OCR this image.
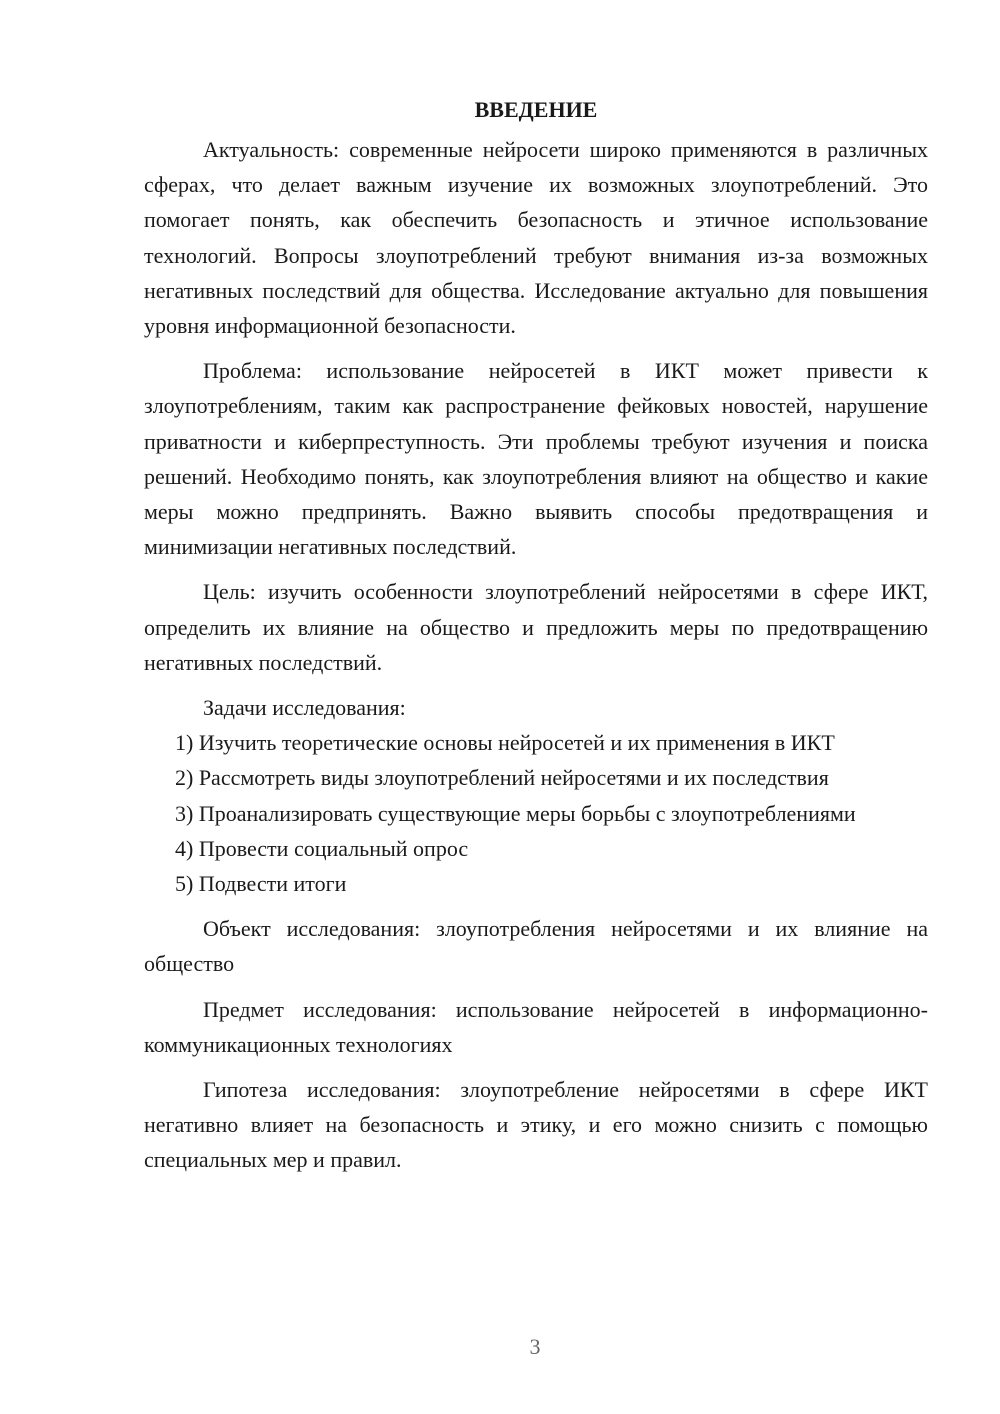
ВВЕДЕНИЕ

Актуальность: современные нейросети широко применяются в различных сферах, что делает важным изучение их возможных злоупотреблений. Это помогает понять, как обеспечить безопасность и этичное использование технологий. Вопросы злоупотреблений требуют внимания из-за возможных негативных последствий для общества. Исследование актуально для повышения уровня информационной безопасности.

Проблема: использование нейросетей в ИКТ может привести к злоупотреблениям, таким как распространение фейковых новостей, нарушение приватности и киберпреступность. Эти проблемы требуют изучения и поиска решений. Необходимо понять, как злоупотребления влияют на общество и какие меры можно предпринять. Важно выявить способы предотвращения и минимизации негативных последствий.

Цель: изучить особенности злоупотреблений нейросетями в сфере ИКТ, определить их влияние на общество и предложить меры по предотвращению негативных последствий.

Задачи исследования:

1) Изучить теоретические основы нейросетей и их применения в ИКТ

2) Рассмотреть виды злоупотреблений нейросетями и их последствия

3) Проанализировать существующие меры борьбы с злоупотреблениями

4) Провести социальный опрос

5) Подвести итоги

Объект исследования: злоупотребления нейросетями и их влияние на общество

Предмет исследования: использование нейросетей в информационно-коммуникационных технологиях

Гипотеза исследования: злоупотребление нейросетями в сфере ИКТ негативно влияет на безопасность и этику, и его можно снизить с помощью специальных мер и правил.

3
